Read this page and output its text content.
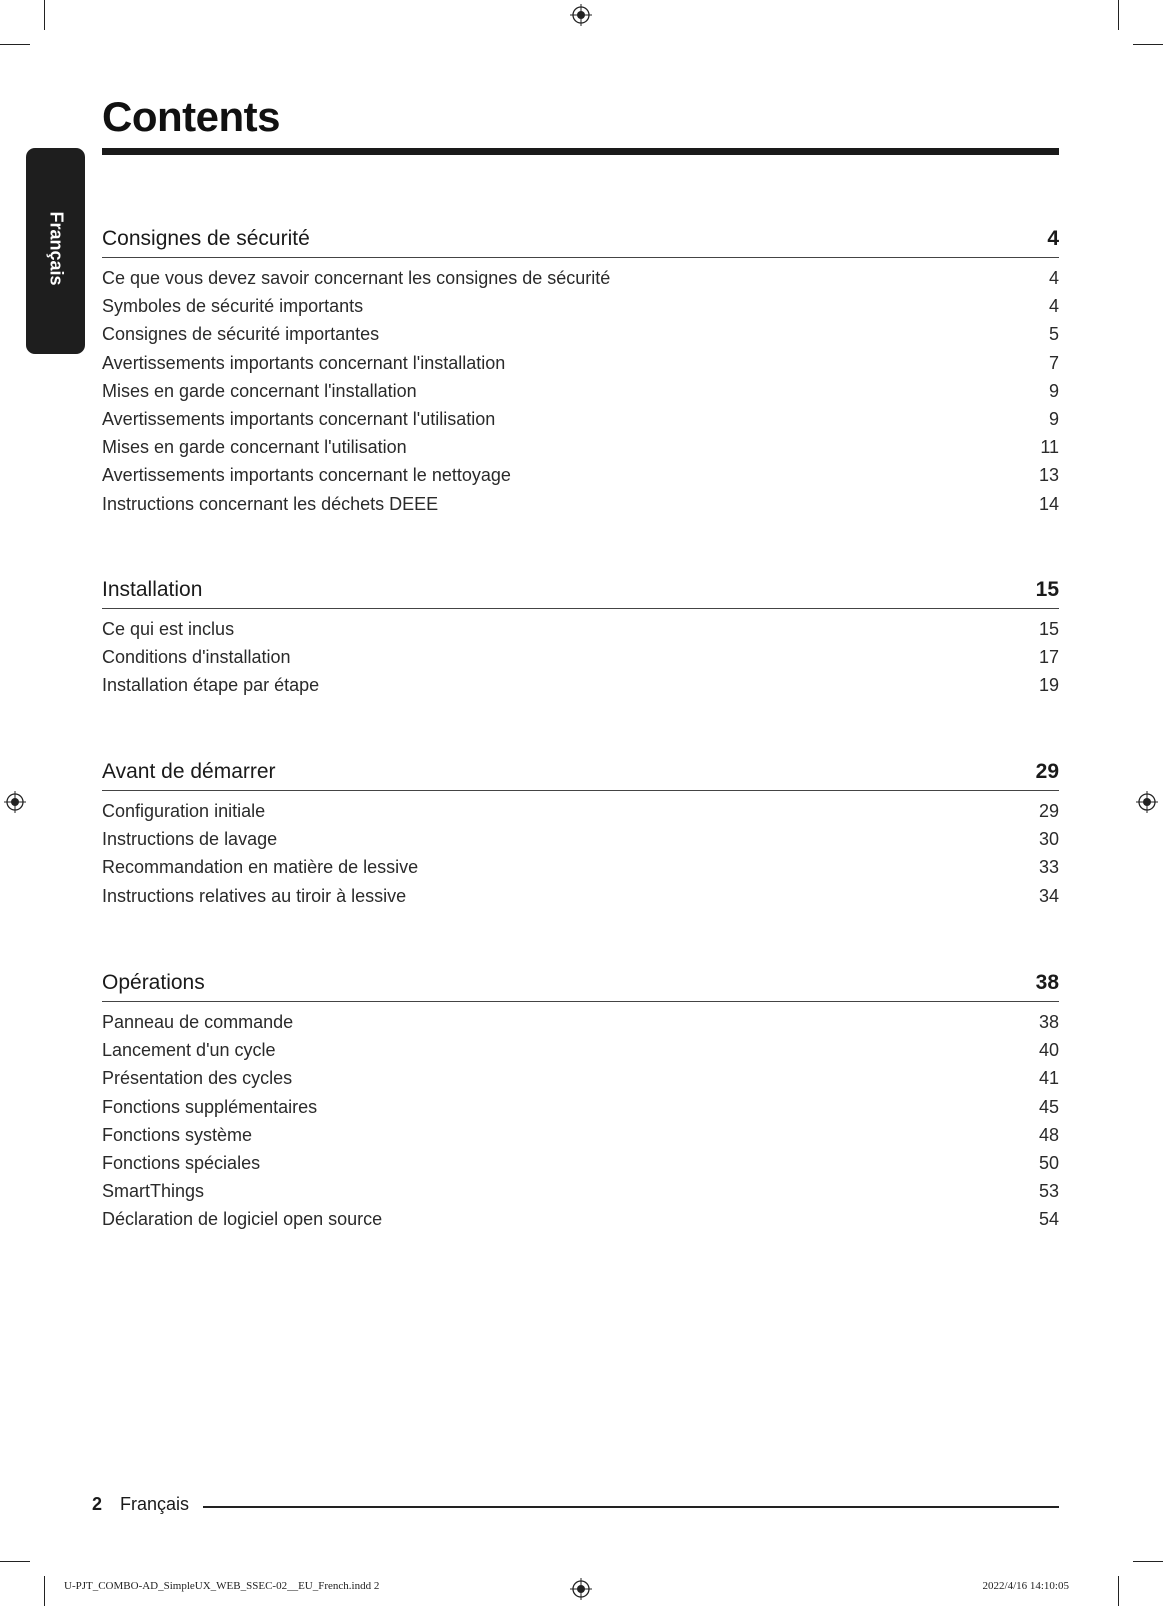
Français
Contents
Consignes de sécurité	4
Ce que vous devez savoir concernant les consignes de sécurité	4
Symboles de sécurité importants	4
Consignes de sécurité importantes	5
Avertissements importants concernant l'installation	7
Mises en garde concernant l'installation	9
Avertissements importants concernant l'utilisation	9
Mises en garde concernant l'utilisation	11
Avertissements importants concernant le nettoyage	13
Instructions concernant les déchets DEEE	14
Installation	15
Ce qui est inclus	15
Conditions d'installation	17
Installation étape par étape	19
Avant de démarrer	29
Configuration initiale	29
Instructions de lavage	30
Recommandation en matière de lessive	33
Instructions relatives au tiroir à lessive	34
Opérations	38
Panneau de commande	38
Lancement d'un cycle	40
Présentation des cycles	41
Fonctions supplémentaires	45
Fonctions système	48
Fonctions spéciales	50
SmartThings	53
Déclaration de logiciel open source	54
2 Français
U-PJT_COMBO-AD_SimpleUX_WEB_SSEC-02__EU_French.indd 2	2022/4/16 14:10:05
